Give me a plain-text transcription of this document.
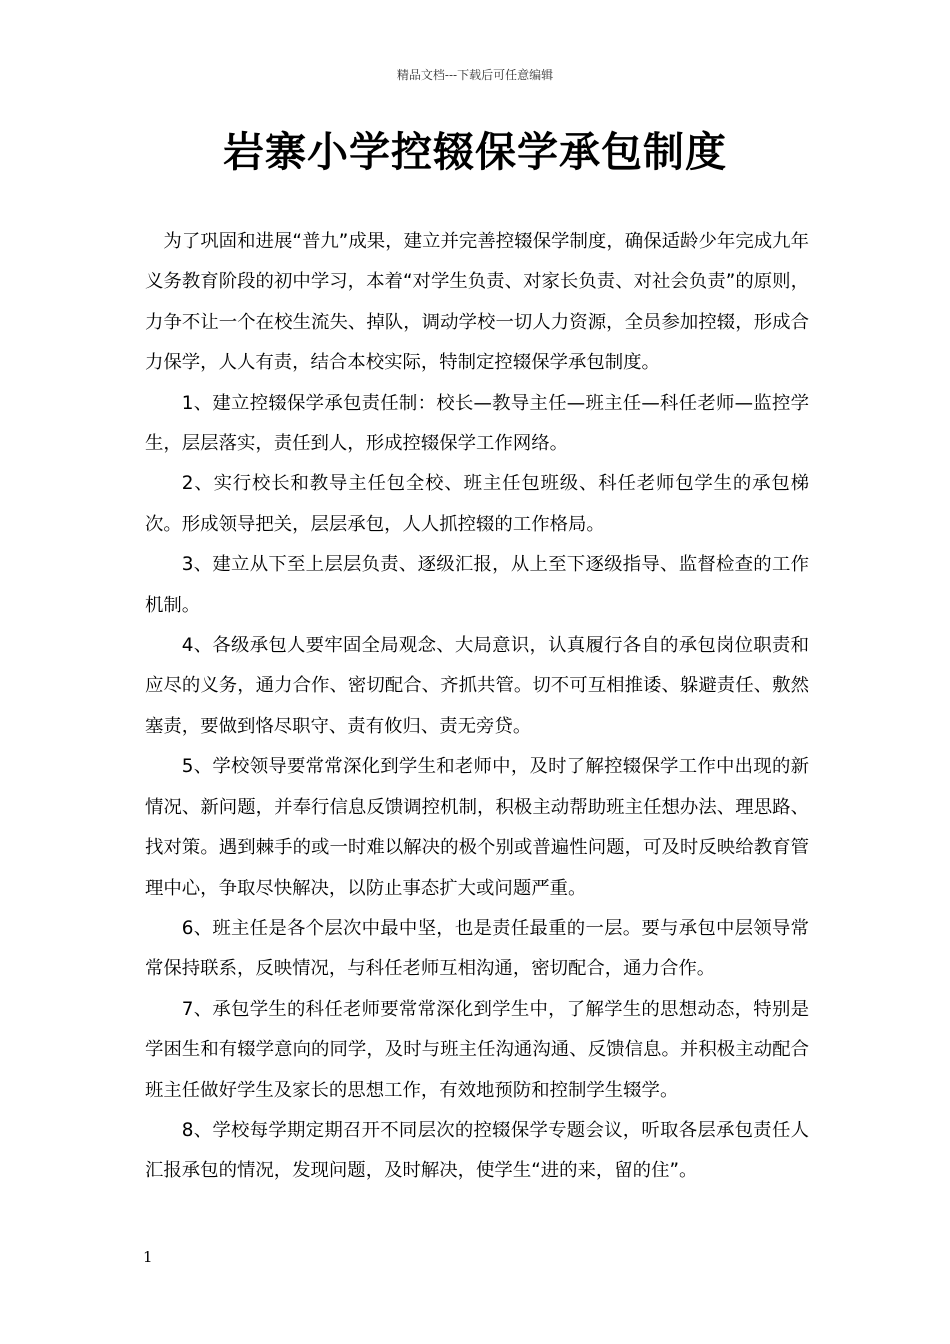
精品文档---下载后可任意编辑
岩寨小学控辍保学承包制度

为了巩固和进展“普九”成果，建立并完善控辍保学制度，确保适龄少年完成九年义务教育阶段的初中学习，本着“对学生负责、对家长负责、对社会负责”的原则，力争不让一个在校生流失、掉队，调动学校一切人力资源，全员参加控辍，形成合力保学，人人有责，结合本校实际，特制定控辍保学承包制度。

1、建立控辍保学承包责任制：校长—教导主任—班主任—科任老师—监控学生，层层落实，责任到人，形成控辍保学工作网络。

2、实行校长和教导主任包全校、班主任包班级、科任老师包学生的承包梯次。形成领导把关，层层承包，人人抓控辍的工作格局。

3、建立从下至上层层负责、逐级汇报，从上至下逐级指导、监督检查的工作机制。

4、各级承包人要牢固全局观念、大局意识，认真履行各自的承包岗位职责和应尽的义务，通力合作、密切配合、齐抓共管。切不可互相推诿、躲避责任、敷然塞责，要做到恪尽职守、责有攸归、责无旁贷。

5、学校领导要常常深化到学生和老师中，及时了解控辍保学工作中出现的新情况、新问题，并奉行信息反馈调控机制，积极主动帮助班主任想办法、理思路、找对策。遇到棘手的或一时难以解决的极个别或普遍性问题，可及时反映给教育管理中心，争取尽快解决，以防止事态扩大或问题严重。

6、班主任是各个层次中最中坚，也是责任最重的一层。要与承包中层领导常常保持联系，反映情况，与科任老师互相沟通，密切配合，通力合作。

7、承包学生的科任老师要常常深化到学生中，了解学生的思想动态，特别是学困生和有辍学意向的同学，及时与班主任沟通沟通、反馈信息。并积极主动配合班主任做好学生及家长的思想工作，有效地预防和控制学生辍学。

8、学校每学期定期召开不同层次的控辍保学专题会议，听取各层承包责任人汇报承包的情况，发现问题，及时解决，使学生“进的来，留的住”。

1
